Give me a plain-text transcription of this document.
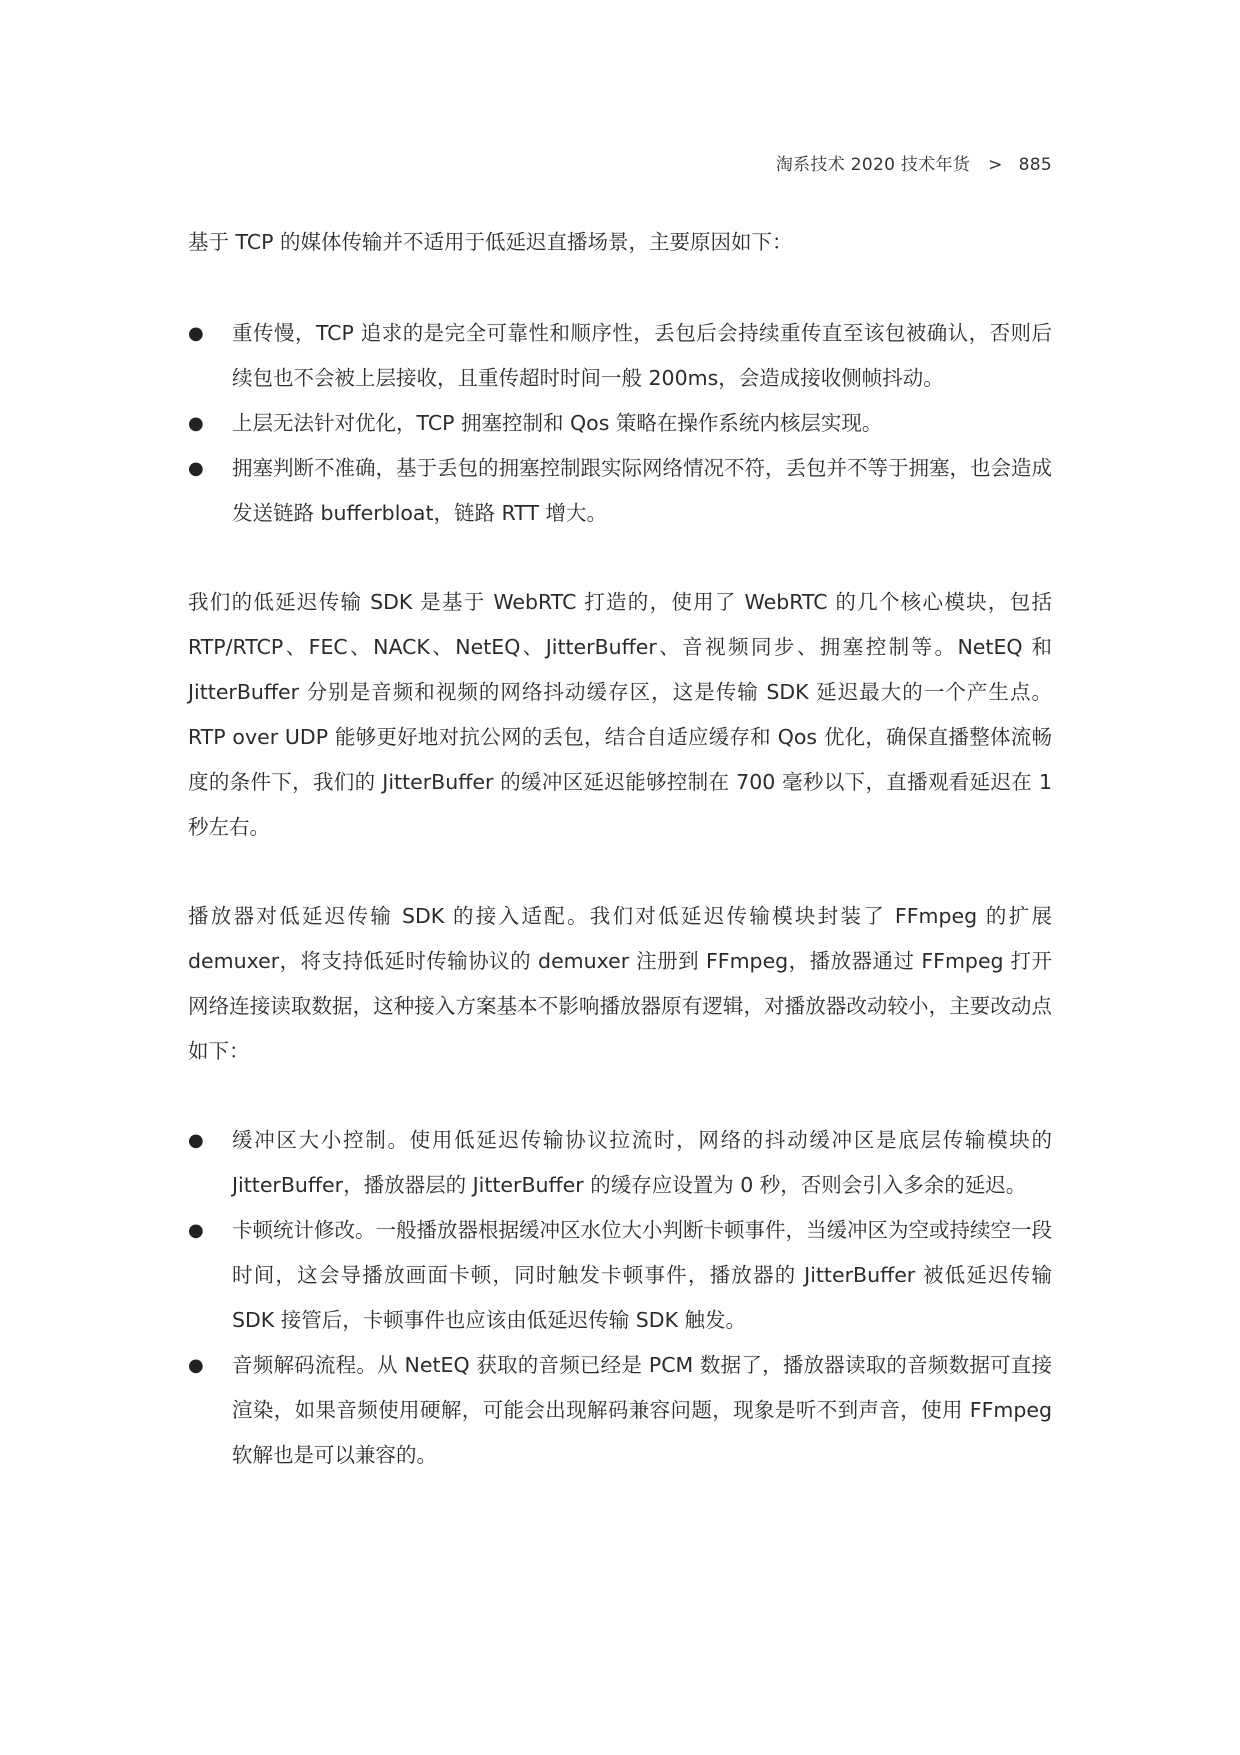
淘系技术 2020 技术年货 > 885

基于 TCP 的媒体传输并不适用于低延迟直播场景，主要原因如下：

● 重传慢，TCP 追求的是完全可靠性和顺序性，丢包后会持续重传直至该包被确认，否则后续包也不会被上层接收，且重传超时时间一般 200ms，会造成接收侧帧抖动。
● 上层无法针对优化，TCP 拥塞控制和 Qos 策略在操作系统内核层实现。
● 拥塞判断不准确，基于丢包的拥塞控制跟实际网络情况不符，丢包并不等于拥塞，也会造成发送链路 bufferbloat，链路 RTT 增大。

我们的低延迟传输 SDK 是基于 WebRTC 打造的，使用了 WebRTC 的几个核心模块，包括 RTP/RTCP、FEC、NACK、NetEQ、JitterBuffer、音视频同步、拥塞控制等。NetEQ 和 JitterBuffer 分别是音频和视频的网络抖动缓存区，这是传输 SDK 延迟最大的一个产生点。RTP over UDP 能够更好地对抗公网的丢包，结合自适应缓存和 Qos 优化，确保直播整体流畅度的条件下，我们的 JitterBuffer 的缓冲区延迟能够控制在 700 毫秒以下，直播观看延迟在 1 秒左右。

播放器对低延迟传输 SDK 的接入适配。我们对低延迟传输模块封装了 FFmpeg 的扩展 demuxer，将支持低延时传输协议的 demuxer 注册到 FFmpeg，播放器通过 FFmpeg 打开网络连接读取数据，这种接入方案基本不影响播放器原有逻辑，对播放器改动较小，主要改动点如下：

● 缓冲区大小控制。使用低延迟传输协议拉流时，网络的抖动缓冲区是底层传输模块的 JitterBuffer，播放器层的 JitterBuffer 的缓存应设置为 0 秒，否则会引入多余的延迟。
● 卡顿统计修改。一般播放器根据缓冲区水位大小判断卡顿事件，当缓冲区为空或持续空一段时间，这会导播放画面卡顿，同时触发卡顿事件，播放器的 JitterBuffer 被低延迟传输 SDK 接管后，卡顿事件也应该由低延迟传输 SDK 触发。
● 音频解码流程。从 NetEQ 获取的音频已经是 PCM 数据了，播放器读取的音频数据可直接渲染，如果音频使用硬解，可能会出现解码兼容问题，现象是听不到声音，使用 FFmpeg 软解也是可以兼容的。
